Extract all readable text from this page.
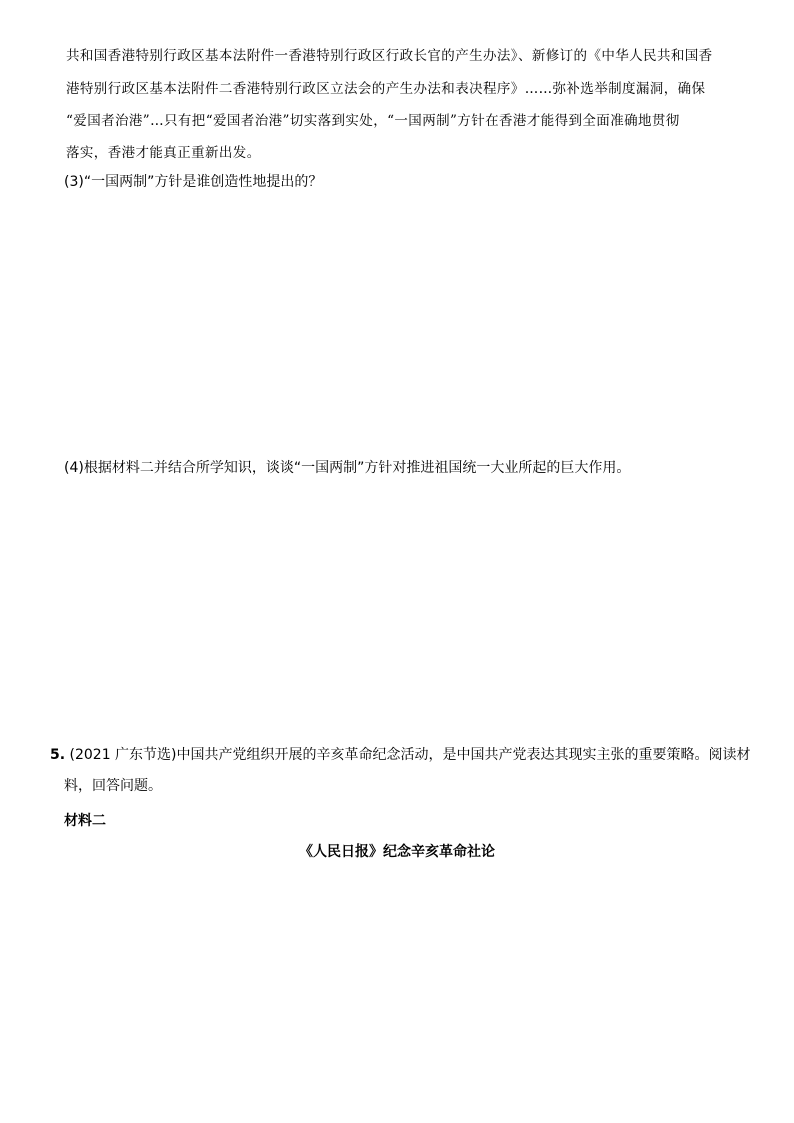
共和国香港特别行政区基本法附件一香港特别行政区行政长官的产生办法》、新修订的《中华人民共和国香
港特别行政区基本法附件二香港特别行政区立法会的产生办法和表决程序》……弥补选举制度漏洞，确保
“爱国者治港”…只有把“爱国者治港”切实落到实处，“一国两制”方针在香港才能得到全面准确地贯彻
落实，香港才能真正重新出发。
(3)“一国两制”方针是谁创造性地提出的？
(4)根据材料二并结合所学知识，谈谈“一国两制”方针对推进祖国统一大业所起的巨大作用。
5. (2021 广东节选)中国共产党组织开展的辛亥革命纪念活动，是中国共产党表达其现实主张的重要策略。阅读材
料，回答问题。
材料二
《人民日报》纪念辛亥革命社论
